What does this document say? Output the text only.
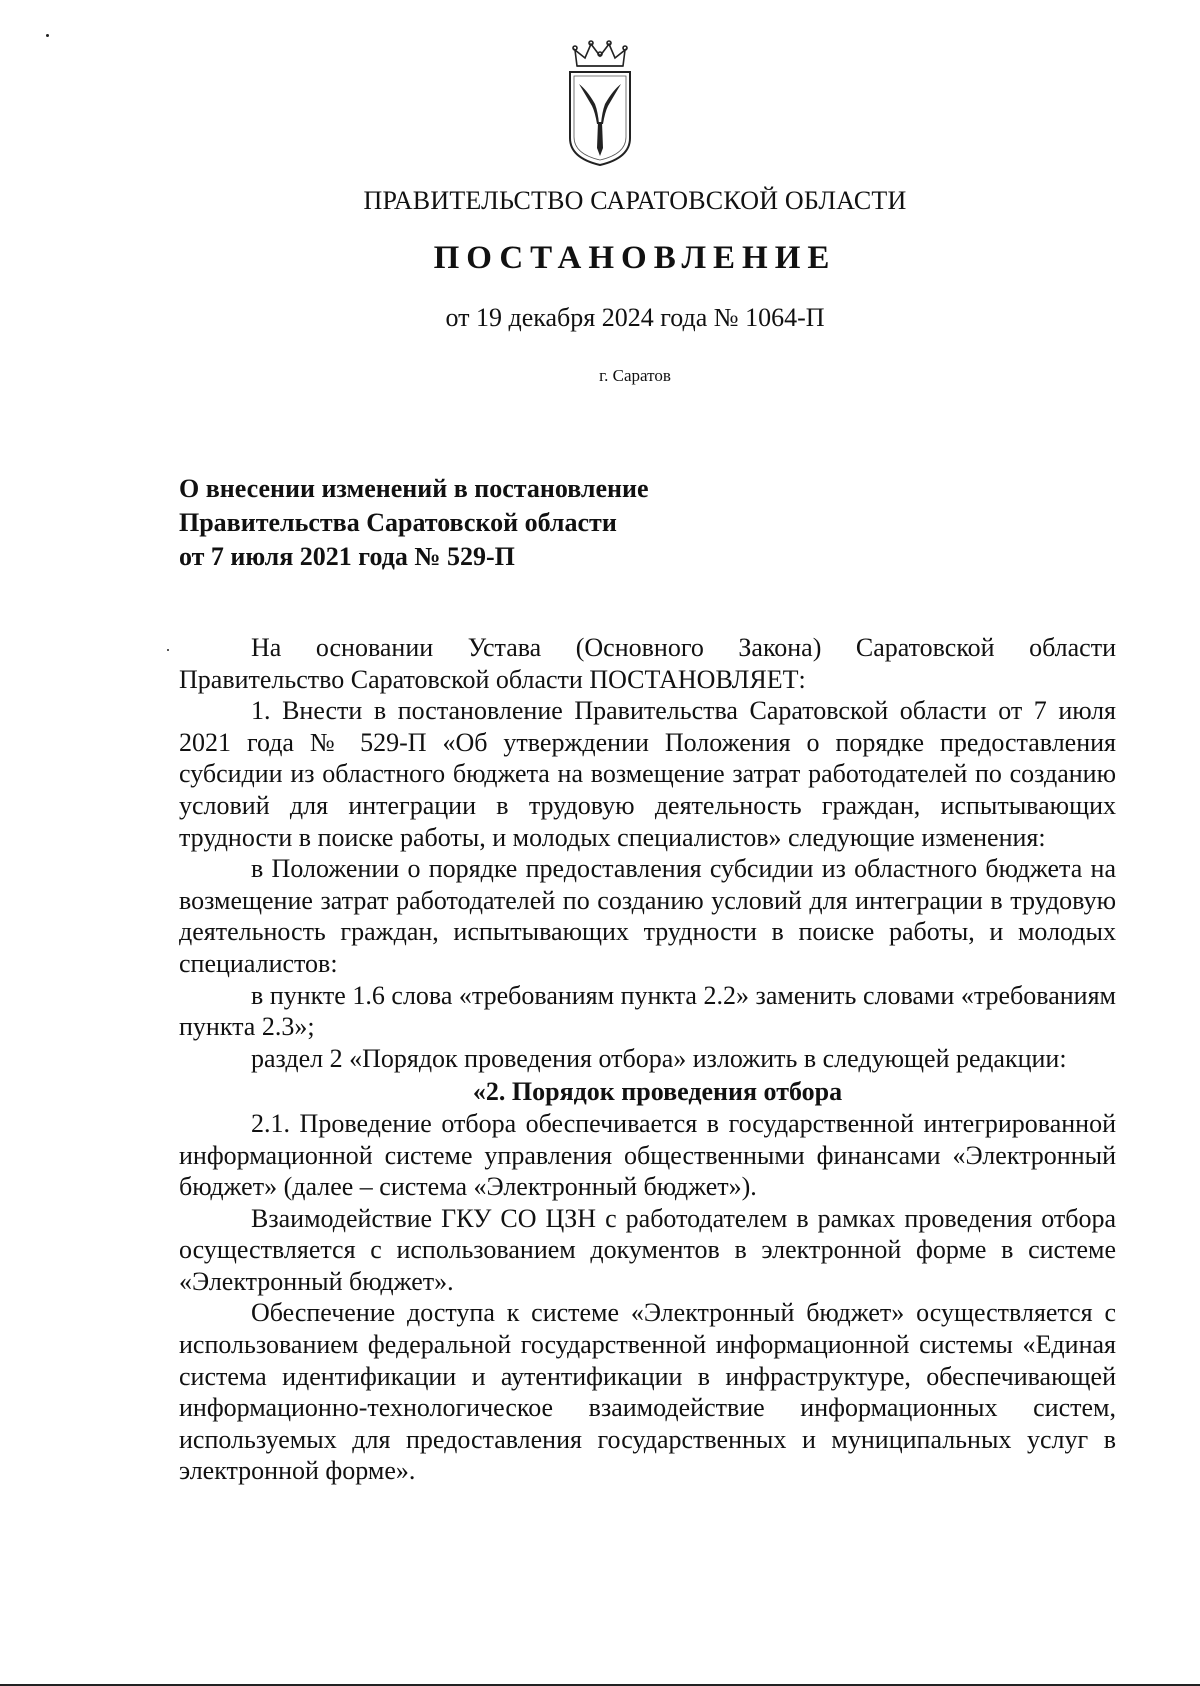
ПРАВИТЕЛЬСТВО САРАТОВСКОЙ ОБЛАСТИ
ПОСТАНОВЛЕНИЕ
от 19 декабря 2024 года № 1064-П
г. Саратов
О внесении изменений в постановление
Правительства Саратовской области
от 7 июля 2021 года № 529-П

На основании Устава (Основного Закона) Саратовской области Правительство Саратовской области ПОСТАНОВЛЯЕТ:

1. Внести в постановление Правительства Саратовской области от 7 июля 2021 года № 529-П «Об утверждении Положения о порядке предоставления субсидии из областного бюджета на возмещение затрат работодателей по созданию условий для интеграции в трудовую деятельность граждан, испытывающих трудности в поиске работы, и молодых специалистов» следующие изменения:

в Положении о порядке предоставления субсидии из областного бюджета на возмещение затрат работодателей по созданию условий для интеграции в трудовую деятельность граждан, испытывающих трудности в поиске работы, и молодых специалистов:

в пункте 1.6 слова «требованиям пункта 2.2» заменить словами «требованиям пункта 2.3»;

раздел 2 «Порядок проведения отбора» изложить в следующей редакции:

«2. Порядок проведения отбора

2.1. Проведение отбора обеспечивается в государственной интегрированной информационной системе управления общественными финансами «Электронный бюджет» (далее – система «Электронный бюджет»).

Взаимодействие ГКУ СО ЦЗН с работодателем в рамках проведения отбора осуществляется с использованием документов в электронной форме в системе «Электронный бюджет».

Обеспечение доступа к системе «Электронный бюджет» осуществляется с использованием федеральной государственной информационной системы «Единая система идентификации и аутентификации в инфраструктуре, обеспечивающей информационно-технологическое взаимодействие информационных систем, используемых для предоставления государственных и муниципальных услуг в электронной форме».
